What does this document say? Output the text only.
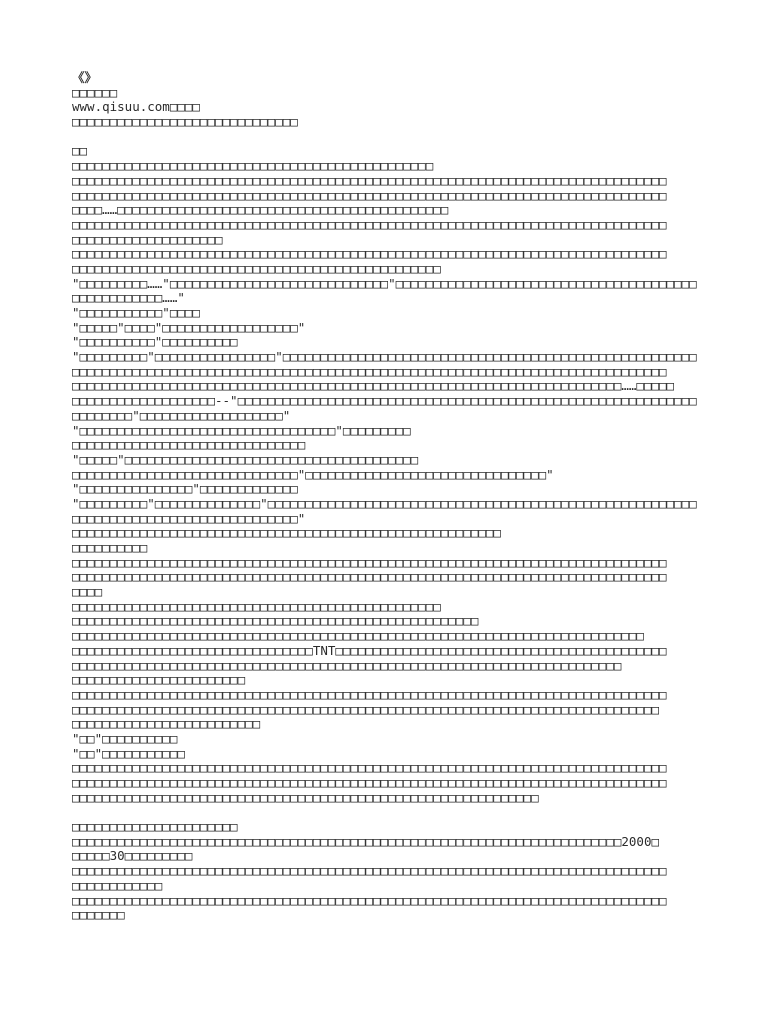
《》
□□□□□□
www.qisuu.com□□□□
□□□□□□□□□□□□□□□□□□□□□□□□□□□□□□
□□
□□□□□□□□□□□□□□□□□□□□□□□□□□□□□□□□□□□□□□□□□□□□□□□□
□□□□□□□□□□□□□□□□□□□□□□□□□□□□□□□□□□□□□□□□□□□□□□□□□□□□□□□□□□□□□□□□□□□□□□□□□□□□□□□
□□□□□□□□□□□□□□□□□□□□□□□□□□□□□□□□□□□□□□□□□□□□□□□□□□□□□□□□□□□□□□□□□□□□□□□□□□□□□□□
□□□□……□□□□□□□□□□□□□□□□□□□□□□□□□□□□□□□□□□□□□□□□□□□□
□□□□□□□□□□□□□□□□□□□□□□□□□□□□□□□□□□□□□□□□□□□□□□□□□□□□□□□□□□□□□□□□□□□□□□□□□□□□□□□
□□□□□□□□□□□□□□□□□□□□
□□□□□□□□□□□□□□□□□□□□□□□□□□□□□□□□□□□□□□□□□□□□□□□□□□□□□□□□□□□□□□□□□□□□□□□□□□□□□□□
□□□□□□□□□□□□□□□□□□□□□□□□□□□□□□□□□□□□□□□□□□□□□□□□□
"□□□□□□□□□……"□□□□□□□□□□□□□□□□□□□□□□□□□□□□□"□□□□□□□□□□□□□□□□□□□□□□□□□□□□□□□□□□□□□□□□
□□□□□□□□□□□□……"
"□□□□□□□□□□□"□□□□
"□□□□□"□□□□"□□□□□□□□□□□□□□□□□□"
"□□□□□□□□□□"□□□□□□□□□□
"□□□□□□□□□"□□□□□□□□□□□□□□□□"□□□□□□□□□□□□□□□□□□□□□□□□□□□□□□□□□□□□□□□□□□□□□□□□□□□□□□□
□□□□□□□□□□□□□□□□□□□□□□□□□□□□□□□□□□□□□□□□□□□□□□□□□□□□□□□□□□□□□□□□□□□□□□□□□□□□□□□
□□□□□□□□□□□□□□□□□□□□□□□□□□□□□□□□□□□□□□□□□□□□□□□□□□□□□□□□□□□□□□□□□□□□□□□□□……□□□□□
□□□□□□□□□□□□□□□□□□□--"□□□□□□□□□□□□□□□□□□□□□□□□□□□□□□□□□□□□□□□□□□□□□□□□□□□□□□□□□□□□□
□□□□□□□□"□□□□□□□□□□□□□□□□□□□"
"□□□□□□□□□□□□□□□□□□□□□□□□□□□□□□□□□□"□□□□□□□□□
□□□□□□□□□□□□□□□□□□□□□□□□□□□□□□□
"□□□□□"□□□□□□□□□□□□□□□□□□□□□□□□□□□□□□□□□□□□□□□
□□□□□□□□□□□□□□□□□□□□□□□□□□□□□□"□□□□□□□□□□□□□□□□□□□□□□□□□□□□□□□□"
"□□□□□□□□□□□□□□□"□□□□□□□□□□□□□
"□□□□□□□□□"□□□□□□□□□□□□□□"□□□□□□□□□□□□□□□□□□□□□□□□□□□□□□□□□□□□□□□□□□□□□□□□□□□□□□□□□
□□□□□□□□□□□□□□□□□□□□□□□□□□□□□□"
□□□□□□□□□□□□□□□□□□□□□□□□□□□□□□□□□□□□□□□□□□□□□□□□□□□□□□□□□
□□□□□□□□□□
□□□□□□□□□□□□□□□□□□□□□□□□□□□□□□□□□□□□□□□□□□□□□□□□□□□□□□□□□□□□□□□□□□□□□□□□□□□□□□□
□□□□□□□□□□□□□□□□□□□□□□□□□□□□□□□□□□□□□□□□□□□□□□□□□□□□□□□□□□□□□□□□□□□□□□□□□□□□□□□
□□□□
□□□□□□□□□□□□□□□□□□□□□□□□□□□□□□□□□□□□□□□□□□□□□□□□□
□□□□□□□□□□□□□□□□□□□□□□□□□□□□□□□□□□□□□□□□□□□□□□□□□□□□□□
□□□□□□□□□□□□□□□□□□□□□□□□□□□□□□□□□□□□□□□□□□□□□□□□□□□□□□□□□□□□□□□□□□□□□□□□□□□□
□□□□□□□□□□□□□□□□□□□□□□□□□□□□□□□□TNT□□□□□□□□□□□□□□□□□□□□□□□□□□□□□□□□□□□□□□□□□□□□
□□□□□□□□□□□□□□□□□□□□□□□□□□□□□□□□□□□□□□□□□□□□□□□□□□□□□□□□□□□□□□□□□□□□□□□□□
□□□□□□□□□□□□□□□□□□□□□□□
□□□□□□□□□□□□□□□□□□□□□□□□□□□□□□□□□□□□□□□□□□□□□□□□□□□□□□□□□□□□□□□□□□□□□□□□□□□□□□□
□□□□□□□□□□□□□□□□□□□□□□□□□□□□□□□□□□□□□□□□□□□□□□□□□□□□□□□□□□□□□□□□□□□□□□□□□□□□□□
□□□□□□□□□□□□□□□□□□□□□□□□□
"□□"□□□□□□□□□□
"□□"□□□□□□□□□□□
□□□□□□□□□□□□□□□□□□□□□□□□□□□□□□□□□□□□□□□□□□□□□□□□□□□□□□□□□□□□□□□□□□□□□□□□□□□□□□□
□□□□□□□□□□□□□□□□□□□□□□□□□□□□□□□□□□□□□□□□□□□□□□□□□□□□□□□□□□□□□□□□□□□□□□□□□□□□□□□
□□□□□□□□□□□□□□□□□□□□□□□□□□□□□□□□□□□□□□□□□□□□□□□□□□□□□□□□□□□□□□
□□□□□□□□□□□□□□□□□□□□□□
□□□□□□□□□□□□□□□□□□□□□□□□□□□□□□□□□□□□□□□□□□□□□□□□□□□□□□□□□□□□□□□□□□□□□□□□□2000□
□□□□□30□□□□□□□□□
□□□□□□□□□□□□□□□□□□□□□□□□□□□□□□□□□□□□□□□□□□□□□□□□□□□□□□□□□□□□□□□□□□□□□□□□□□□□□□□
□□□□□□□□□□□□
□□□□□□□□□□□□□□□□□□□□□□□□□□□□□□□□□□□□□□□□□□□□□□□□□□□□□□□□□□□□□□□□□□□□□□□□□□□□□□□
□□□□□□□
